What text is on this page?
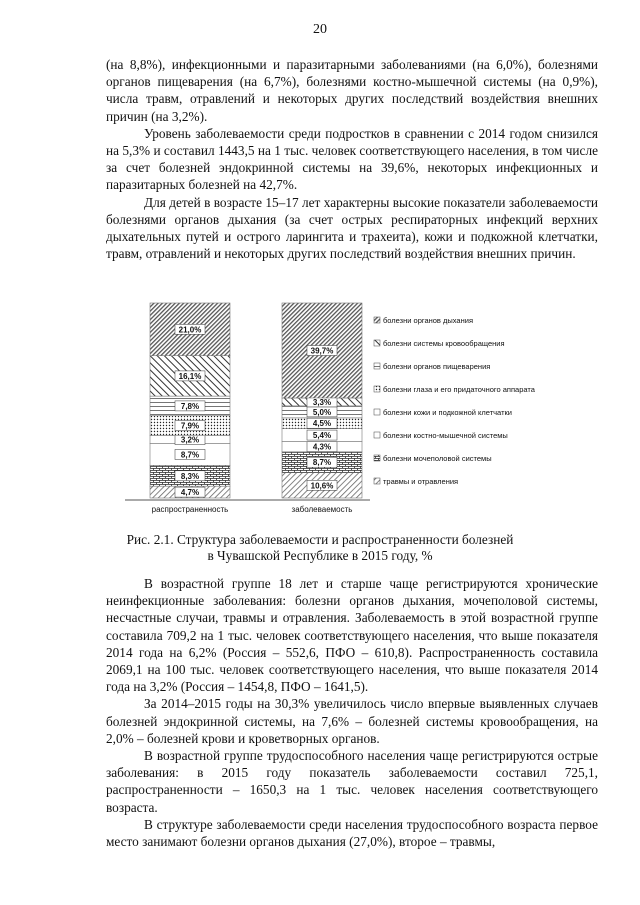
20

(на 8,8%), инфекционными и паразитарными заболеваниями (на 6,0%), болезнями органов пищеварения (на 6,7%), болезнями костно-мышечной системы (на 0,9%), числа травм, отравлений и некоторых других последствий воздействия внешних причин (на 3,2%).

Уровень заболеваемости среди подростков в сравнении с 2014 годом снизился на 5,3% и составил 1443,5 на 1 тыс. человек соответствующего населения, в том числе за счет болезней эндокринной системы на 39,6%, некоторых инфекционных и паразитарных болезней на 42,7%.

Для детей в возрасте 15–17 лет характерны высокие показатели заболеваемости болезнями органов дыхания (за счет острых респираторных инфекций верхних дыхательных путей и острого ларингита и трахеита), кожи и подкожной клетчатки, травм, отравлений и некоторых других последствий воздействия внешних причин.

4,7%
8,3%
8,7%
3,2%
7,9%
7,8%
16,1%
21,0%
10,6%
8,7%
4,3%
5,4%
4,5%
5,0%
3,3%
39,7%
распространенность	заболеваемость
болезни органов дыхания
болезни системы кровообращения
болезни органов пищеварения
болезни глаза и его придаточного аппарата
болезни кожи и подкожной клетчатки
болезни костно-мышечной системы
болезни мочеполовой системы
травмы и отравления
Рис. 2.1. Структура заболеваемости и распространенности болезней
в Чувашской Республике в 2015 году, %

В возрастной группе 18 лет и старше чаще регистрируются хронические неинфекционные заболевания: болезни органов дыхания, мочеполовой системы, несчастные случаи, травмы и отравления. Заболеваемость в этой возрастной группе составила 709,2 на 1 тыс. человек соответствующего населения, что выше показателя 2014 года на 6,2% (Россия – 552,6, ПФО – 610,8). Распространенность составила 2069,1 на 100 тыс. человек соответствующего населения, что выше показателя 2014 года на 3,2% (Россия – 1454,8, ПФО – 1641,5).

За 2014–2015 годы на 30,3% увеличилось число впервые выявленных случаев болезней эндокринной системы, на 7,6% – болезней системы кровообращения, на 2,0% – болезней крови и кроветворных органов.

В возрастной группе трудоспособного населения чаще регистрируются острые заболевания: в 2015 году показатель заболеваемости составил 725,1, распространенности – 1650,3 на 1 тыс. человек населения соответствующего возраста.

В структуре заболеваемости среди населения трудоспособного возраста первое место занимают болезни органов дыхания (27,0%), второе – травмы,
